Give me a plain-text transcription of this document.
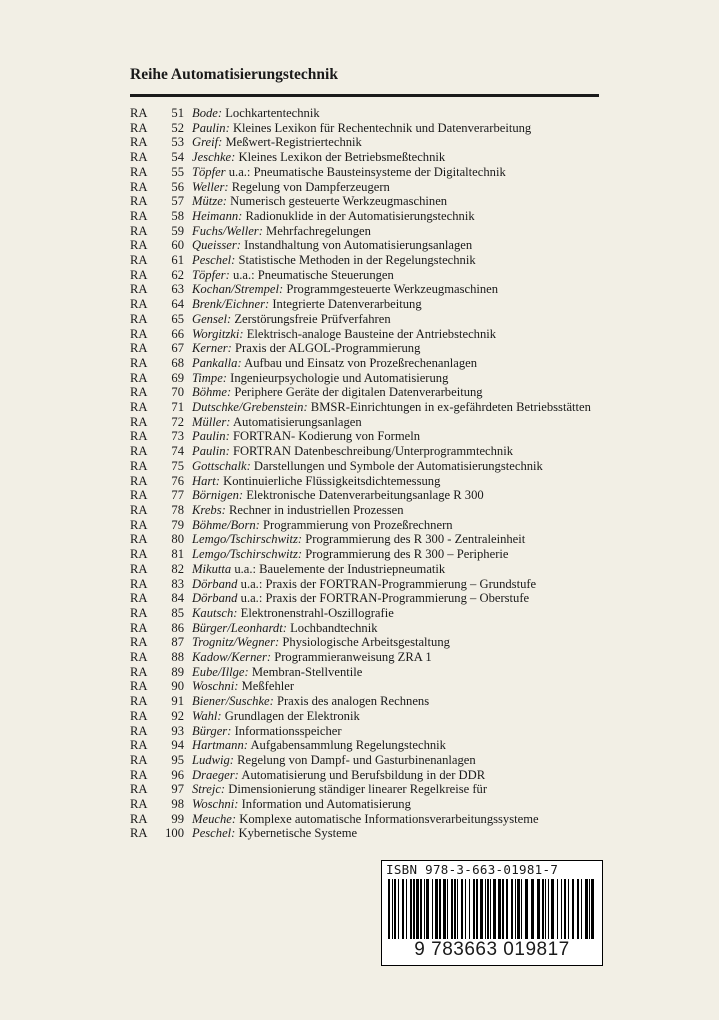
Reihe Automatisierungstechnik
RA	51 Bode: Lochkartentechnik
RA	52 Paulin: Kleines Lexikon für Rechentechnik und Datenverarbeitung
RA	53 Greif: Meßwert-Registriertechnik
RA	54 Jeschke: Kleines Lexikon der Betriebsmeßtechnik
RA	55 Töpfer u.a.: Pneumatische Bausteinsysteme der Digitaltechnik
RA	56 Weller: Regelung von Dampferzeugern
RA	57 Mütze: Numerisch gesteuerte Werkzeugmaschinen
RA	58 Heimann: Radionuklide in der Automatisierungstechnik
RA	59 Fuchs/Weller: Mehrfachregelungen
RA	60 Queisser: Instandhaltung von Automatisierungsanlagen
RA	61 Peschel: Statistische Methoden in der Regelungstechnik
RA	62 Töpfer: u.a.: Pneumatische Steuerungen
RA	63 Kochan/Strempel: Programmgesteuerte Werkzeugmaschinen
RA	64 Brenk/Eichner: Integrierte Datenverarbeitung
RA	65 Gensel: Zerstörungsfreie Prüfverfahren
RA	66 Worgitzki: Elektrisch-analoge Bausteine der Antriebstechnik
RA	67 Kerner: Praxis der ALGOL-Programmierung
RA	68 Pankalla: Aufbau und Einsatz von Prozeßrechenanlagen
RA	69 Timpe: Ingenieurpsychologie und Automatisierung
RA	70 Böhme: Periphere Geräte der digitalen Datenverarbeitung
RA	71 Dutschke/Grebenstein: BMSR-Einrichtungen in ex-gefährdeten Betriebsstätten
RA	72 Müller: Automatisierungsanlagen
RA	73 Paulin: FORTRAN- Kodierung von Formeln
RA	74 Paulin: FORTRAN Datenbeschreibung/Unterprogrammtechnik
RA	75 Gottschalk: Darstellungen und Symbole der Automatisierungstechnik
RA	76 Hart: Kontinuierliche Flüssigkeitsdichtemessung
RA	77 Börnigen: Elektronische Datenverarbeitungsanlage R 300
RA	78 Krebs: Rechner in industriellen Prozessen
RA	79 Böhme/Born: Programmierung von Prozeßrechnern
RA	80 Lemgo/Tschirschwitz: Programmierung des R 300 - Zentraleinheit
RA	81 Lemgo/Tschirschwitz: Programmierung des R 300 – Peripherie
RA	82 Mikutta u.a.: Bauelemente der Industriepneumatik
RA	83 Dörband u.a.: Praxis der FORTRAN-Programmierung – Grundstufe
RA	84 Dörband u.a.: Praxis der FORTRAN-Programmierung – Oberstufe
RA	85 Kautsch: Elektronenstrahl-Oszillografie
RA	86 Bürger/Leonhardt: Lochbandtechnik
RA	87 Trognitz/Wegner: Physiologische Arbeitsgestaltung
RA	88 Kadow/Kerner: Programmieranweisung ZRA 1
RA	89 Eube/Illge: Membran-Stellventile
RA	90 Woschni: Meßfehler
RA	91 Biener/Suschke: Praxis des analogen Rechnens
RA	92 Wahl: Grundlagen der Elektronik
RA	93 Bürger: Informationsspeicher
RA	94 Hartmann: Aufgabensammlung Regelungstechnik
RA	95 Ludwig: Regelung von Dampf- und Gasturbinenanlagen
RA	96 Draeger: Automatisierung und Berufsbildung in der DDR
RA	97 Strejc: Dimensionierung ständiger linearer Regelkreise für
RA	98 Woschni: Information und Automatisierung
RA	99 Meuche: Komplexe automatische Informationsverarbeitungssysteme
RA	100 Peschel: Kybernetische Systeme
ISBN 978-3-663-01981-7
9 783663 019817
